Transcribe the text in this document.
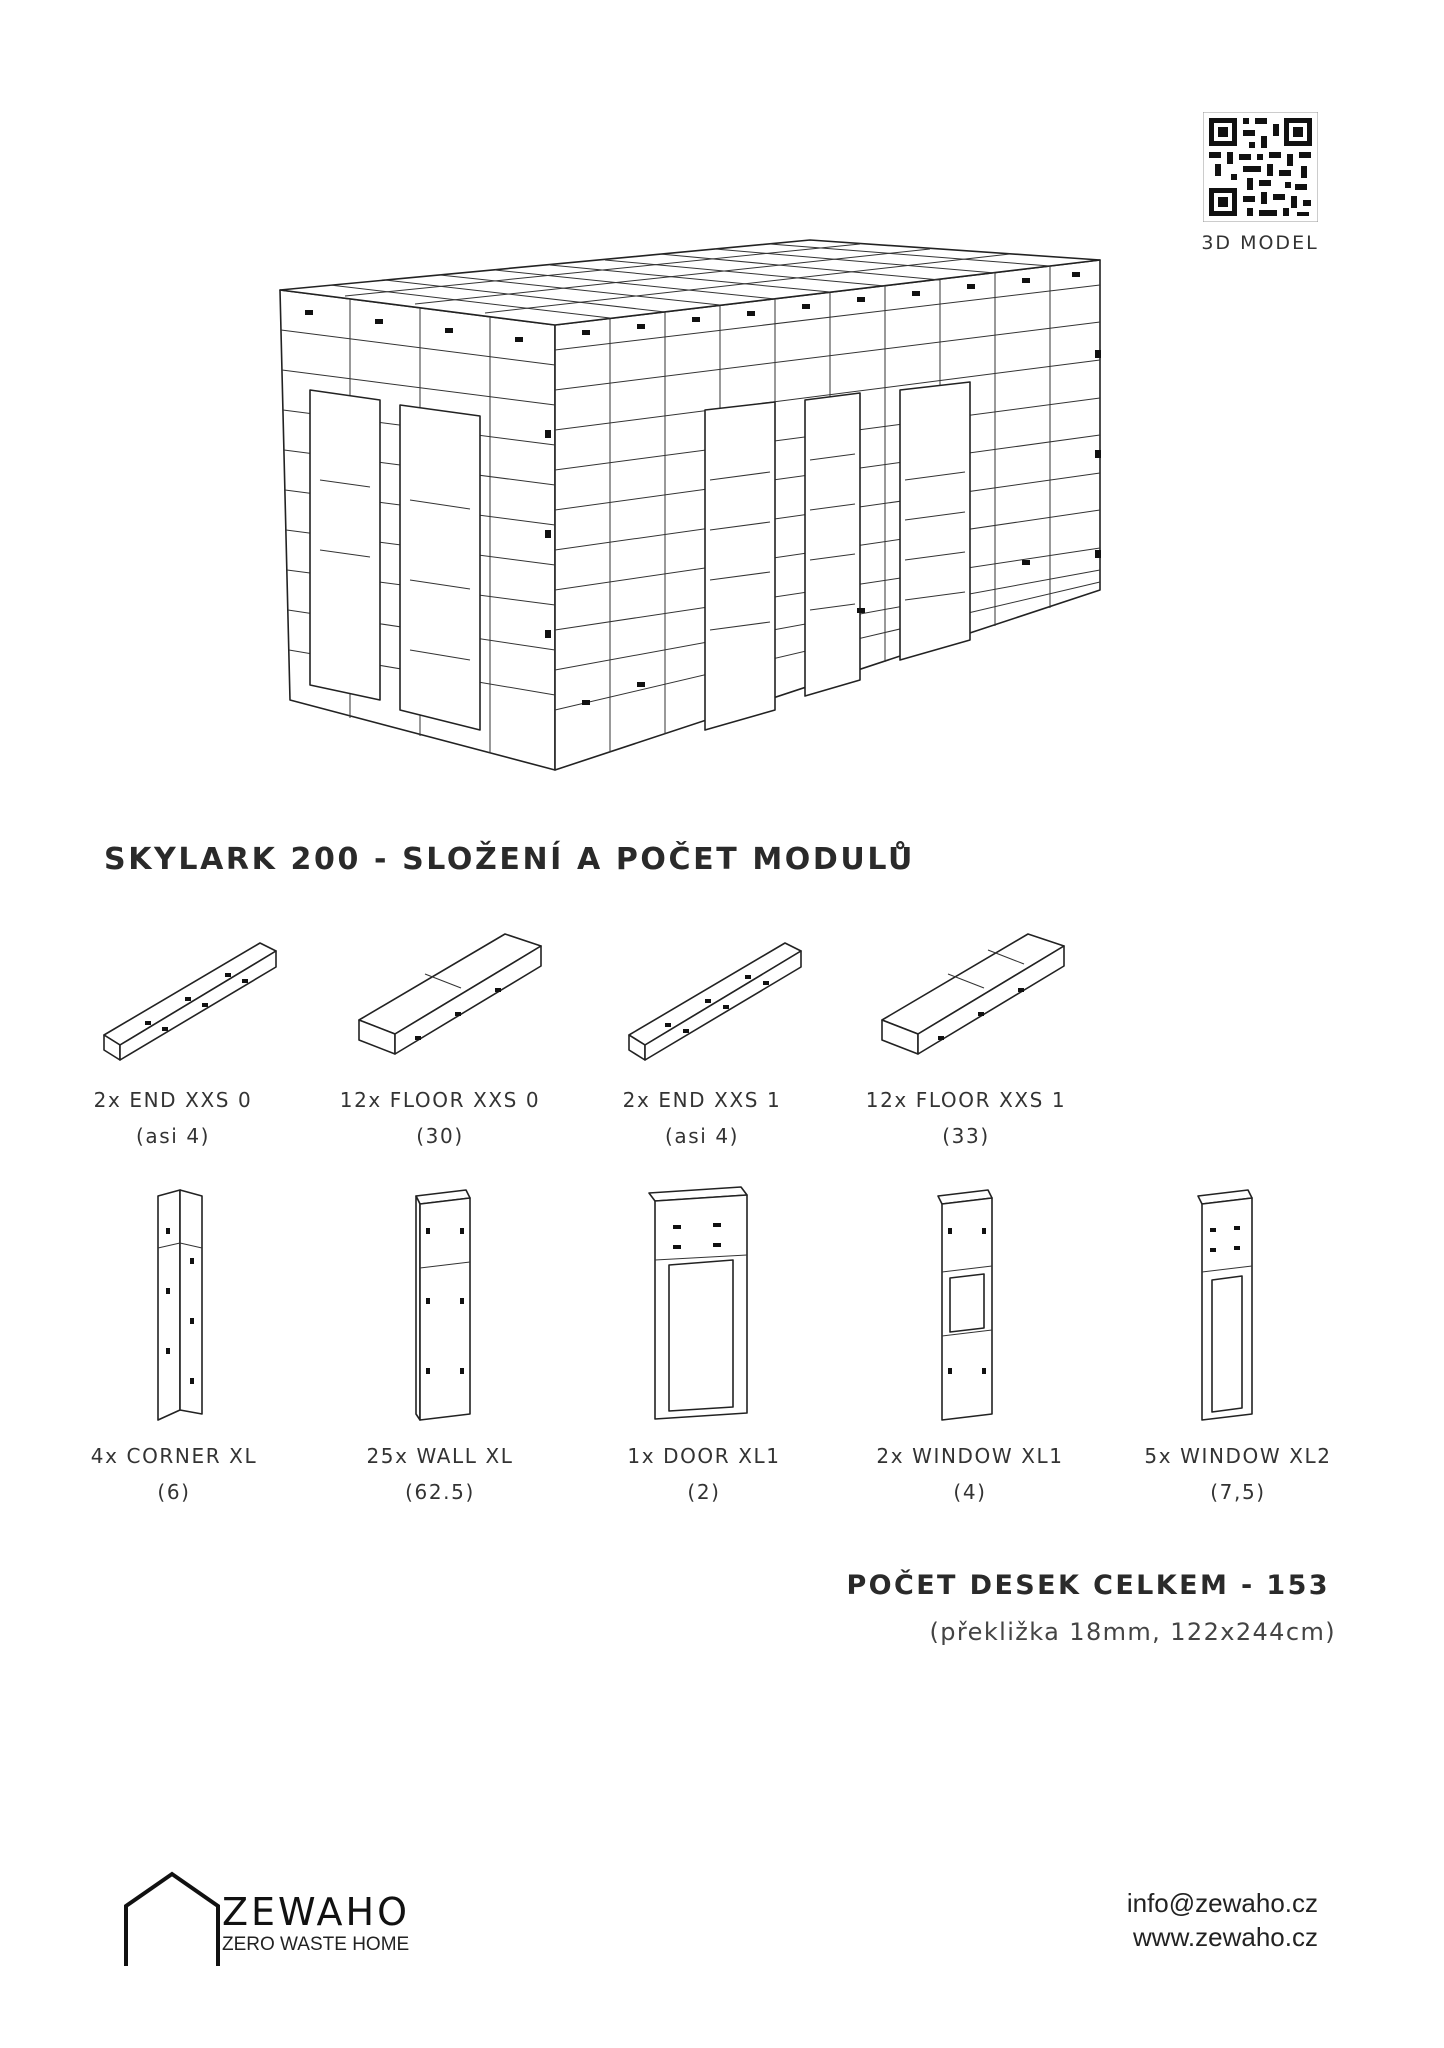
3D MODEL
SKYLARK 200 - SLOŽENÍ A POČET MODULŮ
2x END XXS 0
(asi 4)
12x FLOOR XXS 0
(30)
2x END XXS 1
(asi 4)
12x FLOOR XXS 1
(33)
4x CORNER XL
(6)
25x WALL XL
(62.5)
1x DOOR XL1
(2)
2x WINDOW XL1
(4)
5x WINDOW XL2
(7,5)
POČET DESEK CELKEM - 153
(překližka 18mm, 122x244cm)
ZEWAHO
ZERO WASTE HOME
info@zewaho.cz
www.zewaho.cz
